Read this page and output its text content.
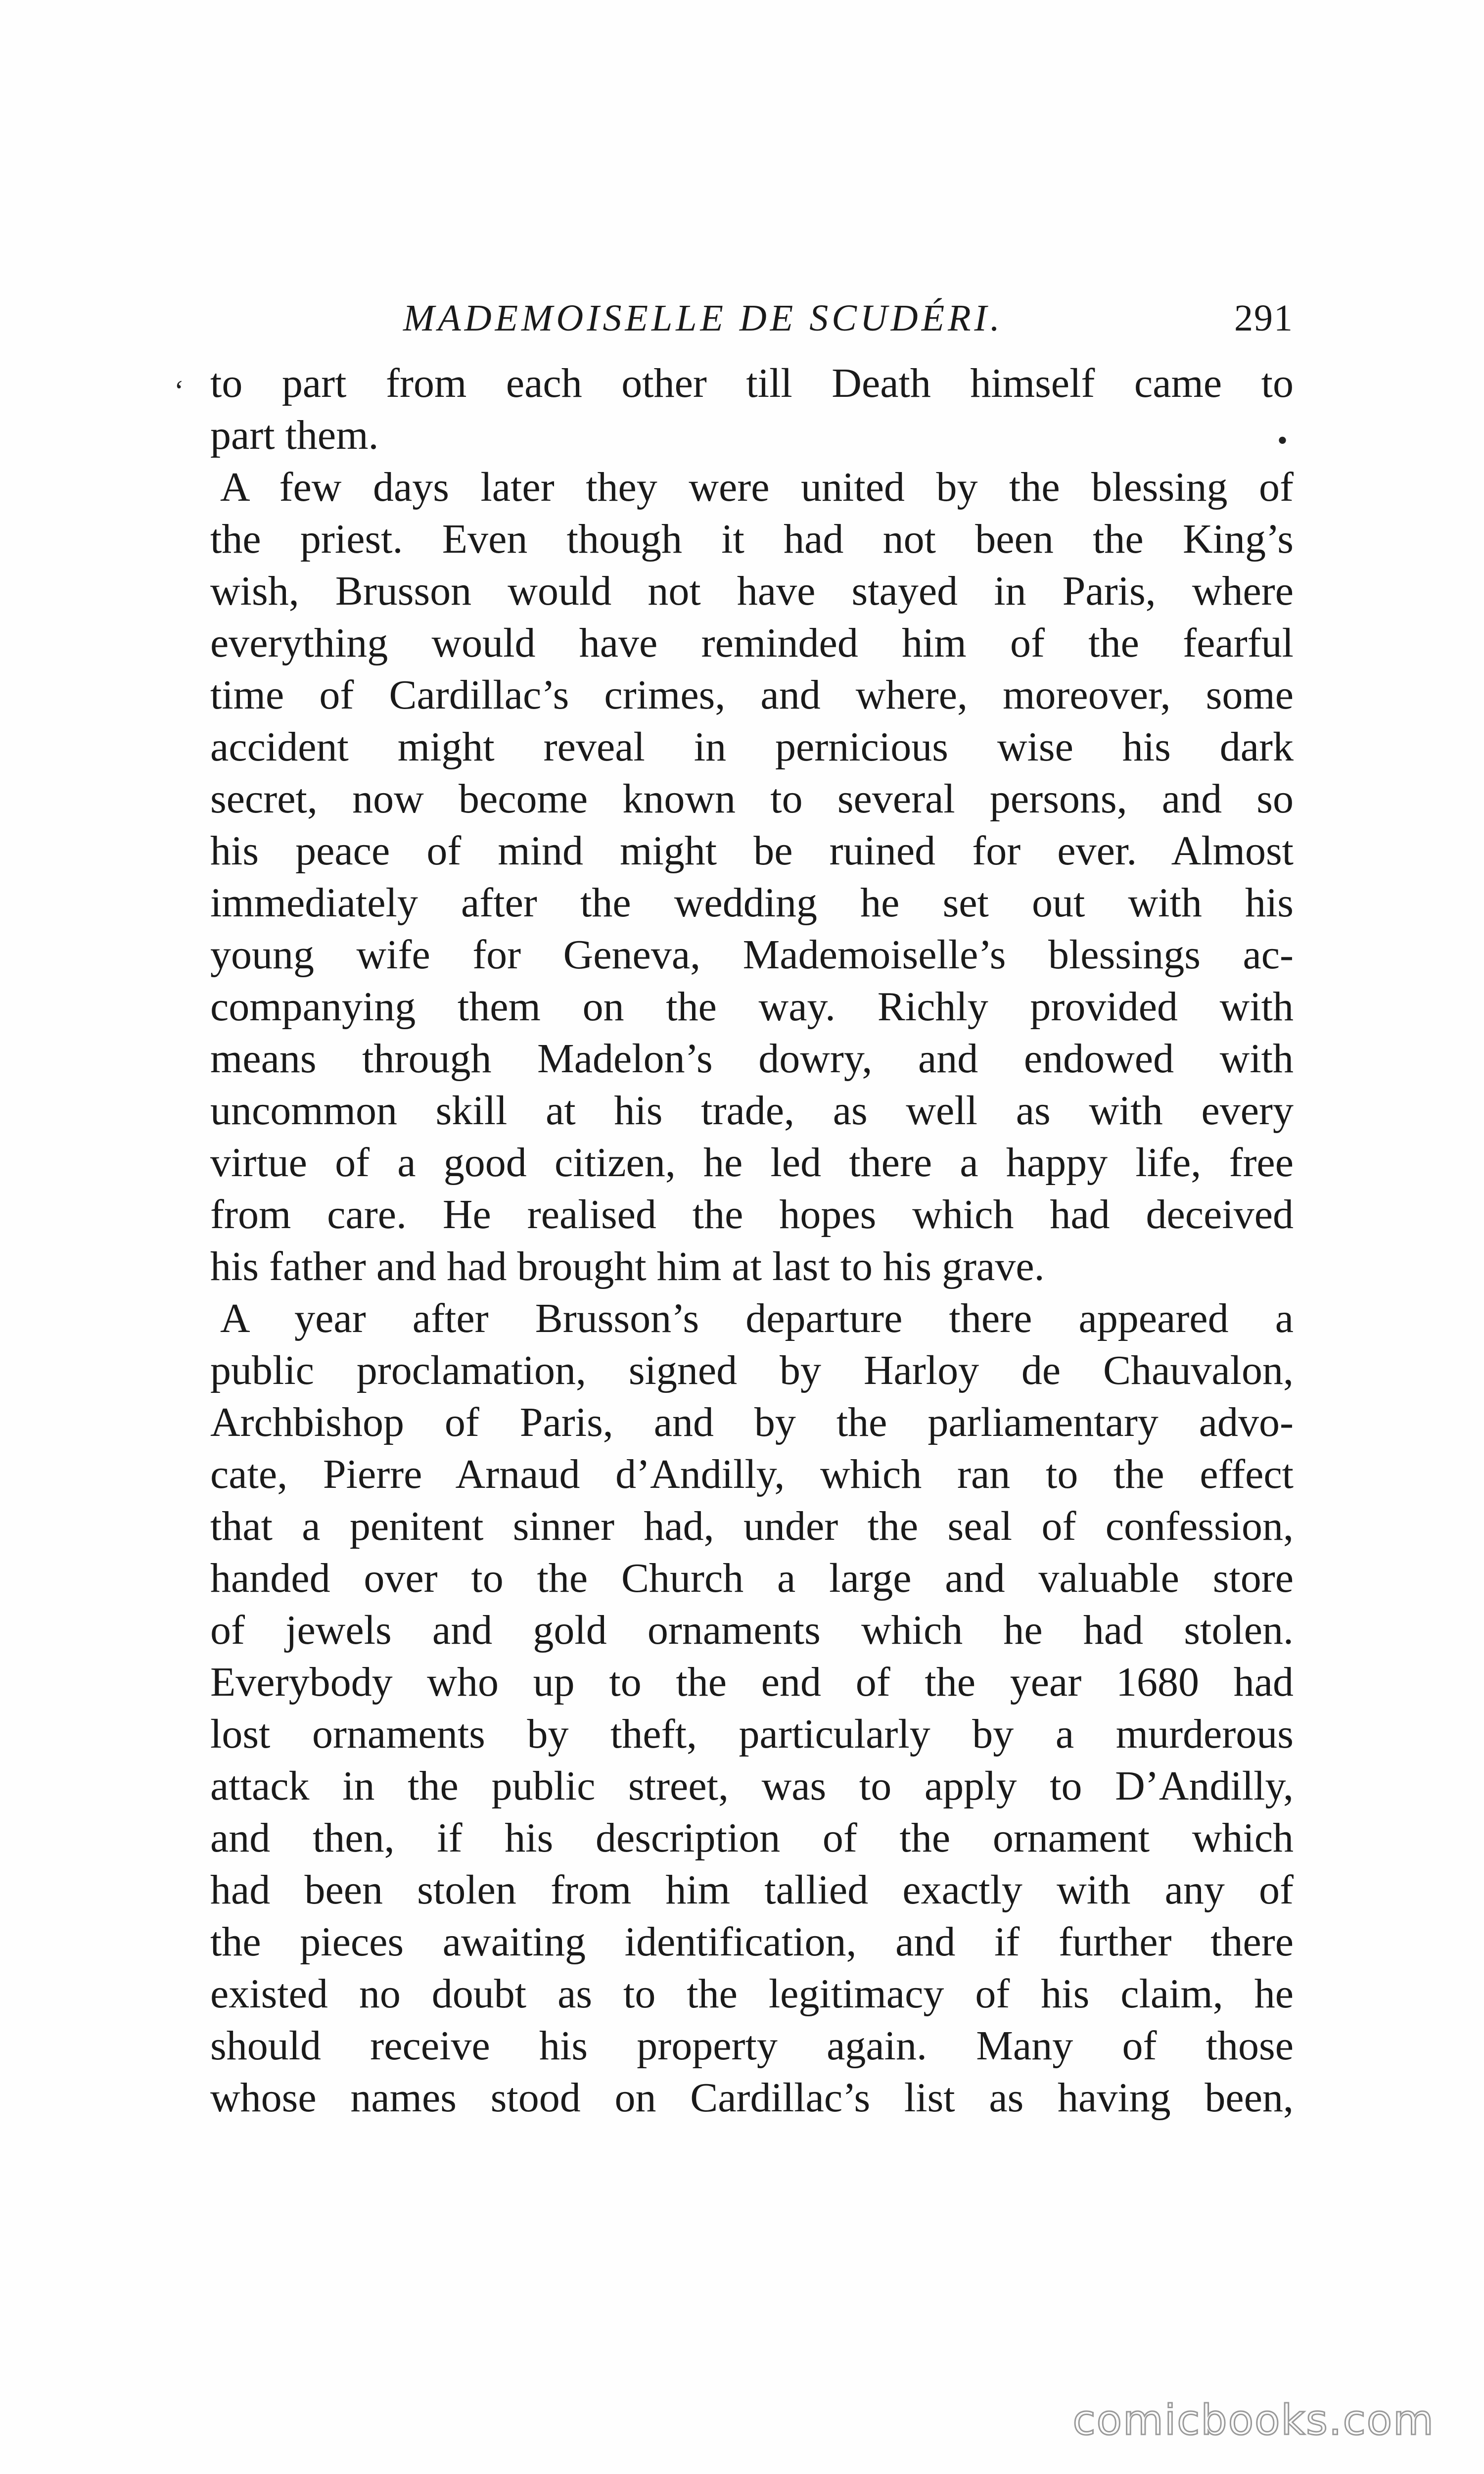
MADEMOISELLE DE SCUDÉRI.	291
ʻ
•
to part from each other till Death himself came to
part them.
A few days later they were united by the blessing of
the priest. Even though it had not been the King’s
wish, Brusson would not have stayed in Paris, where
everything would have reminded him of the fearful
time of Cardillac’s crimes, and where, moreover, some
accident might reveal in pernicious wise his dark
secret, now become known to several persons, and so
his peace of mind might be ruined for ever. Almost
immediately after the wedding he set out with his
young wife for Geneva, Mademoiselle’s blessings ac-
companying them on the way. Richly provided with
means through Madelon’s dowry, and endowed with
uncommon skill at his trade, as well as with every
virtue of a good citizen, he led there a happy life, free
from care. He realised the hopes which had deceived
his father and had brought him at last to his grave.
A year after Brusson’s departure there appeared a
public proclamation, signed by Harloy de Chauvalon,
Archbishop of Paris, and by the parliamentary advo-
cate, Pierre Arnaud d’Andilly, which ran to the effect
that a penitent sinner had, under the seal of confession,
handed over to the Church a large and valuable store
of jewels and gold ornaments which he had stolen.
Everybody who up to the end of the year 1680 had
lost ornaments by theft, particularly by a murderous
attack in the public street, was to apply to D’Andilly,
and then, if his description of the ornament which
had been stolen from him tallied exactly with any of
the pieces awaiting identification, and if further there
existed no doubt as to the legitimacy of his claim, he
should receive his property again. Many of those
whose names stood on Cardillac’s list as having been,
comicbooks.com
